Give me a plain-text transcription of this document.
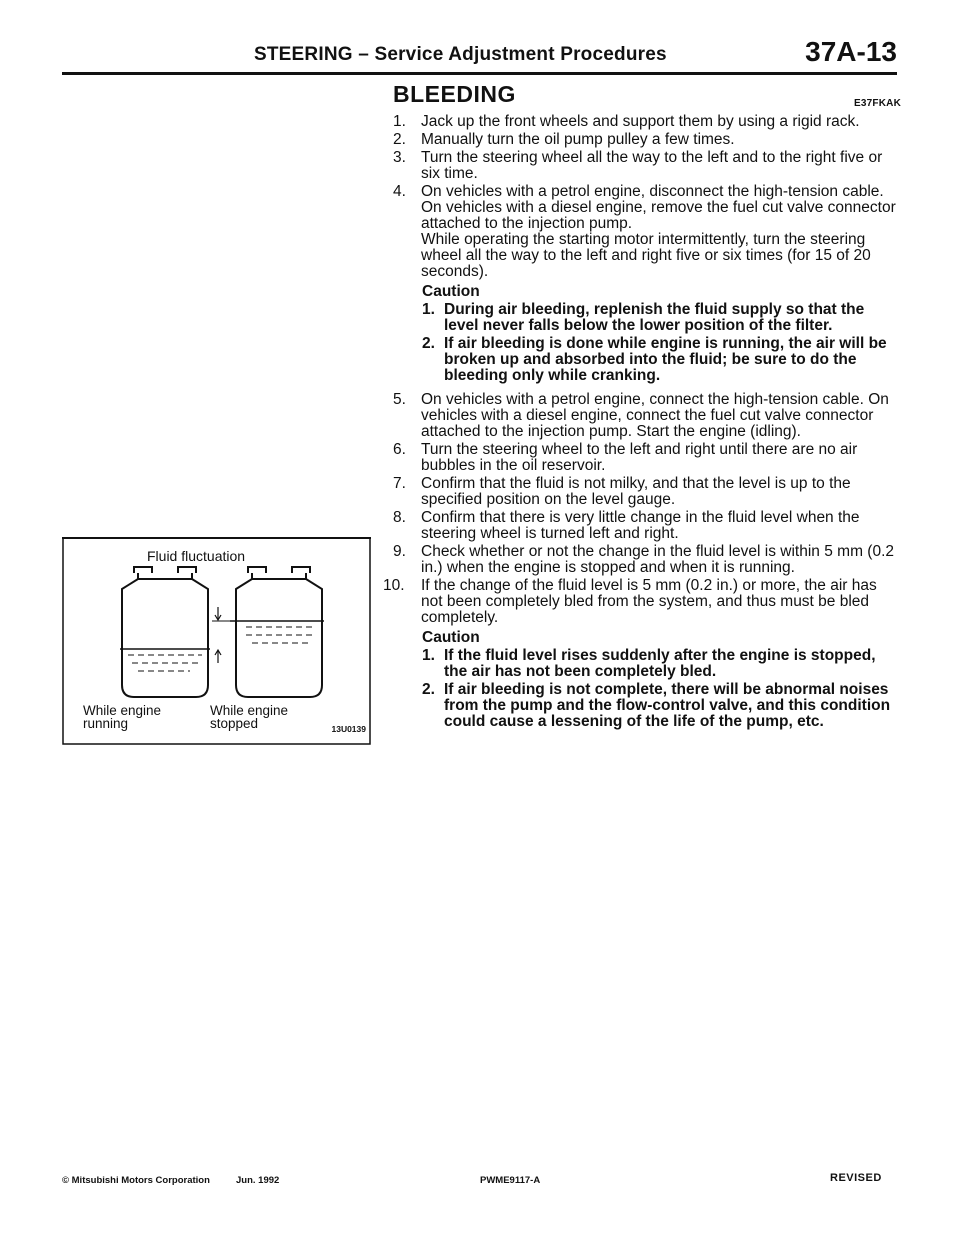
STEERING – Service Adjustment Procedures	37A-13
Fluid fluctuation
While engine running
While engine stopped	13U0139
BLEEDING	E37FKAK
1. Jack up the front wheels and support them by using a rigid rack.

2. Manually turn the oil pump pulley a few times.

3. Turn the steering wheel all the way to the left and to the right five or six time.

4. On vehicles with a petrol engine, disconnect the high-tension cable. On vehicles with a diesel engine, remove the fuel cut valve connector attached to the injection pump.

While operating the starting motor intermittently, turn the steering wheel all the way to the left and right five or six times (for 15 of 20 seconds).

Caution
1. During air bleeding, replenish the fluid supply so that the level never falls below the lower position of the filter.
2. If air bleeding is done while engine is running, the air will be broken up and absorbed into the fluid; be sure to do the bleeding only while cranking.
5. On vehicles with a petrol engine, connect the high-tension cable. On vehicles with a diesel engine, connect the fuel cut valve connector attached to the injection pump. Start the engine (idling).

6. Turn the steering wheel to the left and right until there are no air bubbles in the oil reservoir.

7. Confirm that the fluid is not milky, and that the level is up to the specified position on the level gauge.

8. Confirm that there is very little change in the fluid level when the steering wheel is turned left and right.

9. Check whether or not the change in the fluid level is within 5 mm (0.2 in.) when the engine is stopped and when it is running.

10.	If the change of the fluid level is 5 mm (0.2 in.) or more, the air has not been completely bled from the system, and thus must be bled completely.

Caution
1. If the fluid level rises suddenly after the engine is stopped, the air has not been completely bled.
2. If air bleeding is not complete, there will be abnormal noises from the pump and the flow-control valve, and this condition could cause a lessening of the life of the pump, etc.
© Mitsubishi Motors Corporation	Jun. 1992	PWME9117-A	REVISED
